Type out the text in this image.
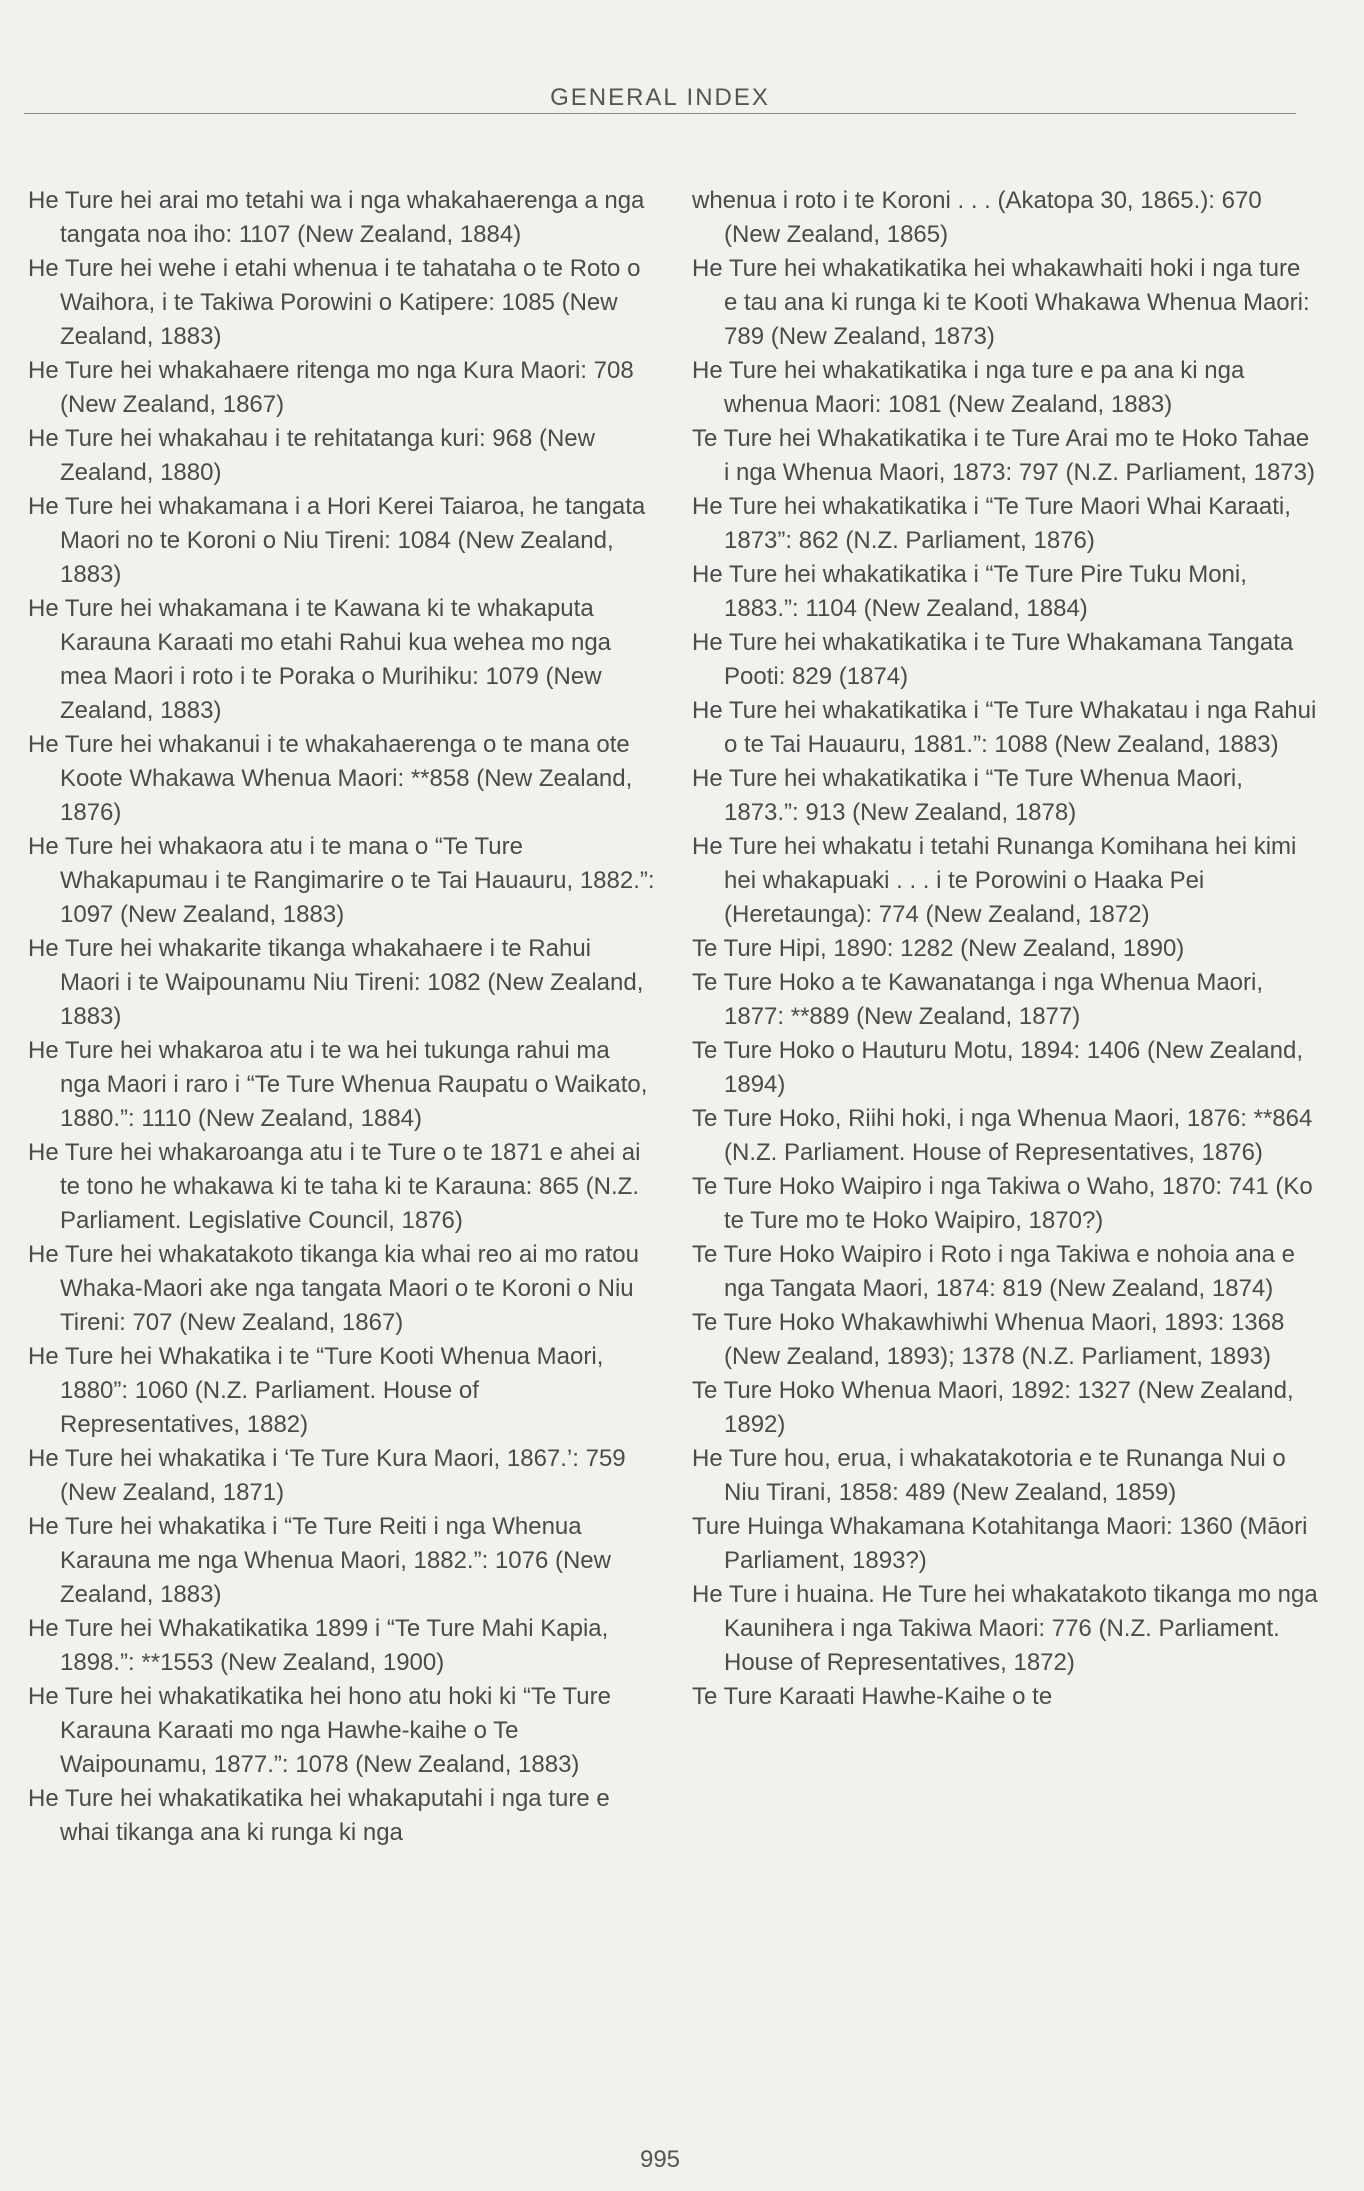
GENERAL INDEX

He Ture hei arai mo tetahi wa i nga whakahaerenga a nga tangata noa iho: 1107 (New Zealand, 1884)

He Ture hei wehe i etahi whenua i te tahataha o te Roto o Waihora, i te Takiwa Porowini o Katipere: 1085 (New Zealand, 1883)

He Ture hei whakahaere ritenga mo nga Kura Maori: 708 (New Zealand, 1867)

He Ture hei whakahau i te rehitatanga kuri: 968 (New Zealand, 1880)

He Ture hei whakamana i a Hori Kerei Taiaroa, he tangata Maori no te Koroni o Niu Tireni: 1084 (New Zealand, 1883)

He Ture hei whakamana i te Kawana ki te whakaputa Karauna Karaati mo etahi Rahui kua wehea mo nga mea Maori i roto i te Poraka o Murihiku: 1079 (New Zealand, 1883)

He Ture hei whakanui i te whakahaerenga o te mana ote Koote Whakawa Whenua Maori: **858 (New Zealand, 1876)

He Ture hei whakaora atu i te mana o “Te Ture Whakapumau i te Rangimarire o te Tai Hauauru, 1882.”: 1097 (New Zealand, 1883)

He Ture hei whakarite tikanga whakahaere i te Rahui Maori i te Waipounamu Niu Tireni: 1082 (New Zealand, 1883)

He Ture hei whakaroa atu i te wa hei tukunga rahui ma nga Maori i raro i “Te Ture Whenua Raupatu o Waikato, 1880.”: 1110 (New Zealand, 1884)

He Ture hei whakaroanga atu i te Ture o te 1871 e ahei ai te tono he whakawa ki te taha ki te Karauna: 865 (N.Z. Parliament. Legislative Council, 1876)

He Ture hei whakatakoto tikanga kia whai reo ai mo ratou Whaka-Maori ake nga tangata Maori o te Koroni o Niu Tireni: 707 (New Zealand, 1867)

He Ture hei Whakatika i te “Ture Kooti Whenua Maori, 1880”: 1060 (N.Z. Parliament. House of Representatives, 1882)

He Ture hei whakatika i ‘Te Ture Kura Maori, 1867.’: 759 (New Zealand, 1871)

He Ture hei whakatika i “Te Ture Reiti i nga Whenua Karauna me nga Whenua Maori, 1882.”: 1076 (New Zealand, 1883)

He Ture hei Whakatikatika 1899 i “Te Ture Mahi Kapia, 1898.”: **1553 (New Zealand, 1900)

He Ture hei whakatikatika hei hono atu hoki ki “Te Ture Karauna Karaati mo nga Hawhe-kaihe o Te Waipounamu, 1877.”: 1078 (New Zealand, 1883)

He Ture hei whakatikatika hei whakaputahi i nga ture e whai tikanga ana ki runga ki nga

whenua i roto i te Koroni . . . (Akatopa 30, 1865.): 670 (New Zealand, 1865)

He Ture hei whakatikatika hei whakawhaiti hoki i nga ture e tau ana ki runga ki te Kooti Whakawa Whenua Maori: 789 (New Zealand, 1873)

He Ture hei whakatikatika i nga ture e pa ana ki nga whenua Maori: 1081 (New Zealand, 1883)

Te Ture hei Whakatikatika i te Ture Arai mo te Hoko Tahae i nga Whenua Maori, 1873: 797 (N.Z. Parliament, 1873)

He Ture hei whakatikatika i “Te Ture Maori Whai Karaati, 1873”: 862 (N.Z. Parliament, 1876)

He Ture hei whakatikatika i “Te Ture Pire Tuku Moni, 1883.”: 1104 (New Zealand, 1884)

He Ture hei whakatikatika i te Ture Whakamana Tangata Pooti: 829 (1874)

He Ture hei whakatikatika i “Te Ture Whakatau i nga Rahui o te Tai Hauauru, 1881.”: 1088 (New Zealand, 1883)

He Ture hei whakatikatika i “Te Ture Whenua Maori, 1873.”: 913 (New Zealand, 1878)

He Ture hei whakatu i tetahi Runanga Komihana hei kimi hei whakapuaki . . . i te Porowini o Haaka Pei (Heretaunga): 774 (New Zealand, 1872)

Te Ture Hipi, 1890: 1282 (New Zealand, 1890)

Te Ture Hoko a te Kawanatanga i nga Whenua Maori, 1877: **889 (New Zealand, 1877)

Te Ture Hoko o Hauturu Motu, 1894: 1406 (New Zealand, 1894)

Te Ture Hoko, Riihi hoki, i nga Whenua Maori, 1876: **864 (N.Z. Parliament. House of Representatives, 1876)

Te Ture Hoko Waipiro i nga Takiwa o Waho, 1870: 741 (Ko te Ture mo te Hoko Waipiro, 1870?)

Te Ture Hoko Waipiro i Roto i nga Takiwa e nohoia ana e nga Tangata Maori, 1874: 819 (New Zealand, 1874)

Te Ture Hoko Whakawhiwhi Whenua Maori, 1893: 1368 (New Zealand, 1893); 1378 (N.Z. Parliament, 1893)

Te Ture Hoko Whenua Maori, 1892: 1327 (New Zealand, 1892)

He Ture hou, erua, i whakatakotoria e te Runanga Nui o Niu Tirani, 1858: 489 (New Zealand, 1859)

Ture Huinga Whakamana Kotahitanga Maori: 1360 (Māori Parliament, 1893?)

He Ture i huaina. He Ture hei whakatakoto tikanga mo nga Kaunihera i nga Takiwa Maori: 776 (N.Z. Parliament. House of Representatives, 1872)

Te Ture Karaati Hawhe-Kaihe o te

995
